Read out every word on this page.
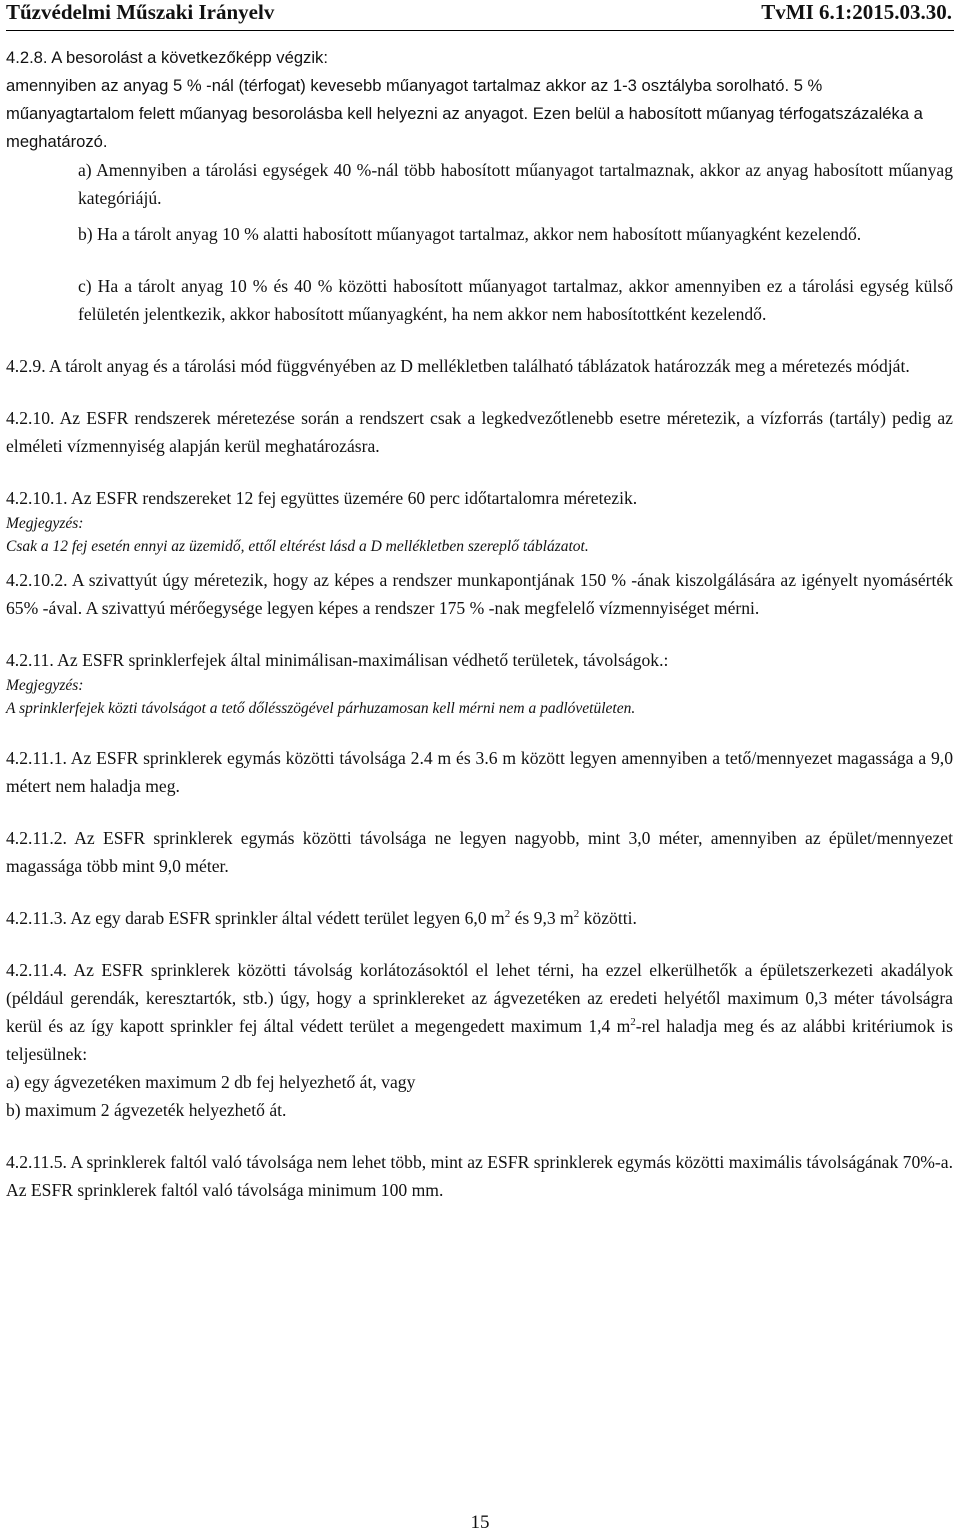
Tűzvédelmi Műszaki Irányelv	TvMI 6.1:2015.03.30.

4.2.8. A besorolást a következőképp végzik:

amennyiben az anyag 5 % -nál (térfogat) kevesebb műanyagot tartalmaz akkor az 1-3 osztályba sorolható. 5 % műanyagtartalom felett műanyag besorolásba kell helyezni az anyagot. Ezen belül a habosított műanyag térfogatszázaléka a meghatározó.

a) Amennyiben a tárolási egységek 40 %-nál több habosított műanyagot tartalmaznak, akkor az anyag habosított műanyag kategóriájú.

b) Ha a tárolt anyag 10 % alatti habosított műanyagot tartalmaz, akkor nem habosított műanyagként kezelendő.

c) Ha a tárolt anyag 10 % és 40 % közötti habosított műanyagot tartalmaz, akkor amennyiben ez a tárolási egység külső felületén jelentkezik, akkor habosított műanyagként, ha nem akkor nem habosítottként kezelendő.

4.2.9. A tárolt anyag és a tárolási mód függvényében az D mellékletben található táblázatok határozzák meg a méretezés módját.

4.2.10. Az ESFR rendszerek méretezése során a rendszert csak a legkedvezőtlenebb esetre méretezik, a vízforrás (tartály) pedig az elméleti vízmennyiség alapján kerül meghatározásra.

4.2.10.1. Az ESFR rendszereket 12 fej együttes üzemére 60 perc időtartalomra méretezik.

Megjegyzés:

Csak a 12 fej esetén ennyi az üzemidő, ettől eltérést lásd a D mellékletben szereplő táblázatot.

4.2.10.2. A szivattyút úgy méretezik, hogy az képes a rendszer munkapontjának 150 % -ának kiszolgálására az igényelt nyomásérték 65% -ával. A szivattyú mérőegysége legyen képes a rendszer 175 % -nak megfelelő vízmennyiséget mérni.

4.2.11. Az ESFR sprinklerfejek által minimálisan-maximálisan védhető területek, távolságok.:

Megjegyzés:

A sprinklerfejek közti távolságot a tető dőlésszögével párhuzamosan kell mérni nem a padlóvetületen.

4.2.11.1. Az ESFR sprinklerek egymás közötti távolsága 2.4 m és 3.6 m között legyen amennyiben a tető/mennyezet magassága a 9,0 métert nem haladja meg.

4.2.11.2. Az ESFR sprinklerek egymás közötti távolsága ne legyen nagyobb, mint 3,0 méter, amennyiben az épület/mennyezet magassága több mint 9,0 méter.

4.2.11.3. Az egy darab ESFR sprinkler által védett terület legyen 6,0 $m^2$ és 9,3 $m^2$ közötti.

4.2.11.4. Az ESFR sprinklerek közötti távolság korlátozásoktól el lehet térni, ha ezzel elkerülhetők a épületszerkezeti akadályok (például gerendák, keresztartók, stb.) úgy, hogy a sprinklereket az ágvezetéken az eredeti helyétől maximum 0,3 méter távolságra kerül és az így kapott sprinkler fej által védett terület a megengedett maximum 1,4 $m^2$-rel haladja meg és az alábbi kritériumok is teljesülnek:

a) egy ágvezetéken maximum 2 db fej helyezhető át, vagy

b) maximum 2 ágvezeték helyezhető át.

4.2.11.5. A sprinklerek faltól való távolsága nem lehet több, mint az ESFR sprinklerek egymás közötti maximális távolságának 70%-a. Az ESFR sprinklerek faltól való távolsága minimum 100 mm.

15
